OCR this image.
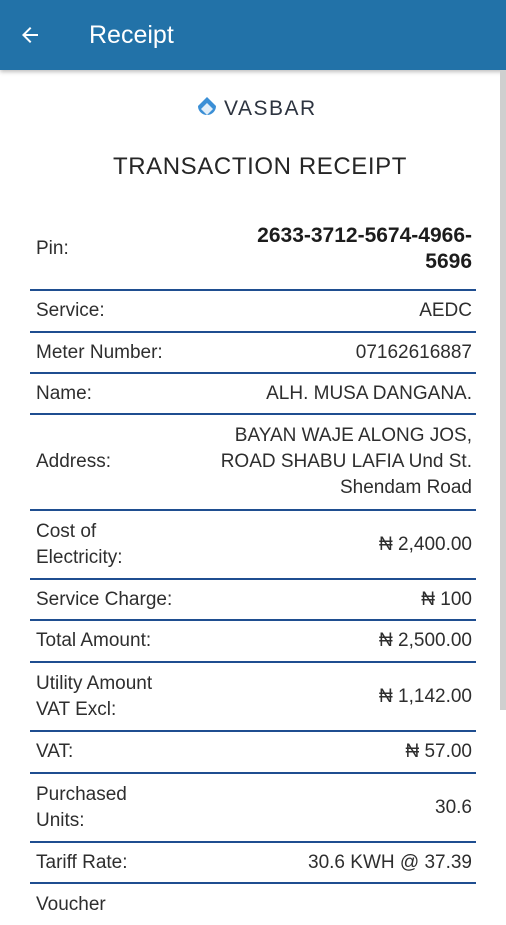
Receipt
VASBAR
TRANSACTION RECEIPT
Pin:
2633-3712-5674-4966-5696
Service:	AEDC
Meter Number:	07162616887
Name:	ALH. MUSA DANGANA.
Address:
BAYAN WAJE ALONG JOS, ROAD SHABU LAFIA Und St. Shendam Road
Cost of Electricity:
₦ 2,400.00
Service Charge:	₦ 100
Total Amount:	₦ 2,500.00
Utility Amount VAT Excl:
₦ 1,142.00
VAT:	₦ 57.00
Purchased Units:
30.6
Tariff Rate:	30.6 KWH @ 37.39
Voucher
